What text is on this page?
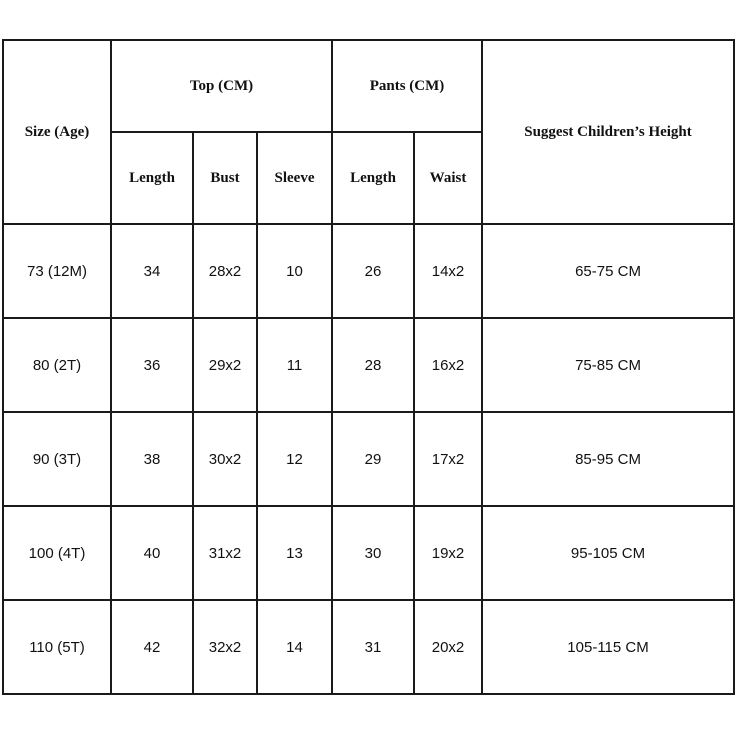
Size (Age)	Top (CM)			Pants (CM)		Suggest Children’s Height
	Length	Bust	Sleeve	Length	Waist	
73 (12M)	34	28x2	10	26	14x2	65-75 CM
80 (2T)	36	29x2	11	28	16x2	75-85 CM
90 (3T)	38	30x2	12	29	17x2	85-95 CM
100 (4T)	40	31x2	13	30	19x2	95-105 CM
110 (5T)	42	32x2	14	31	20x2	105-115 CM
